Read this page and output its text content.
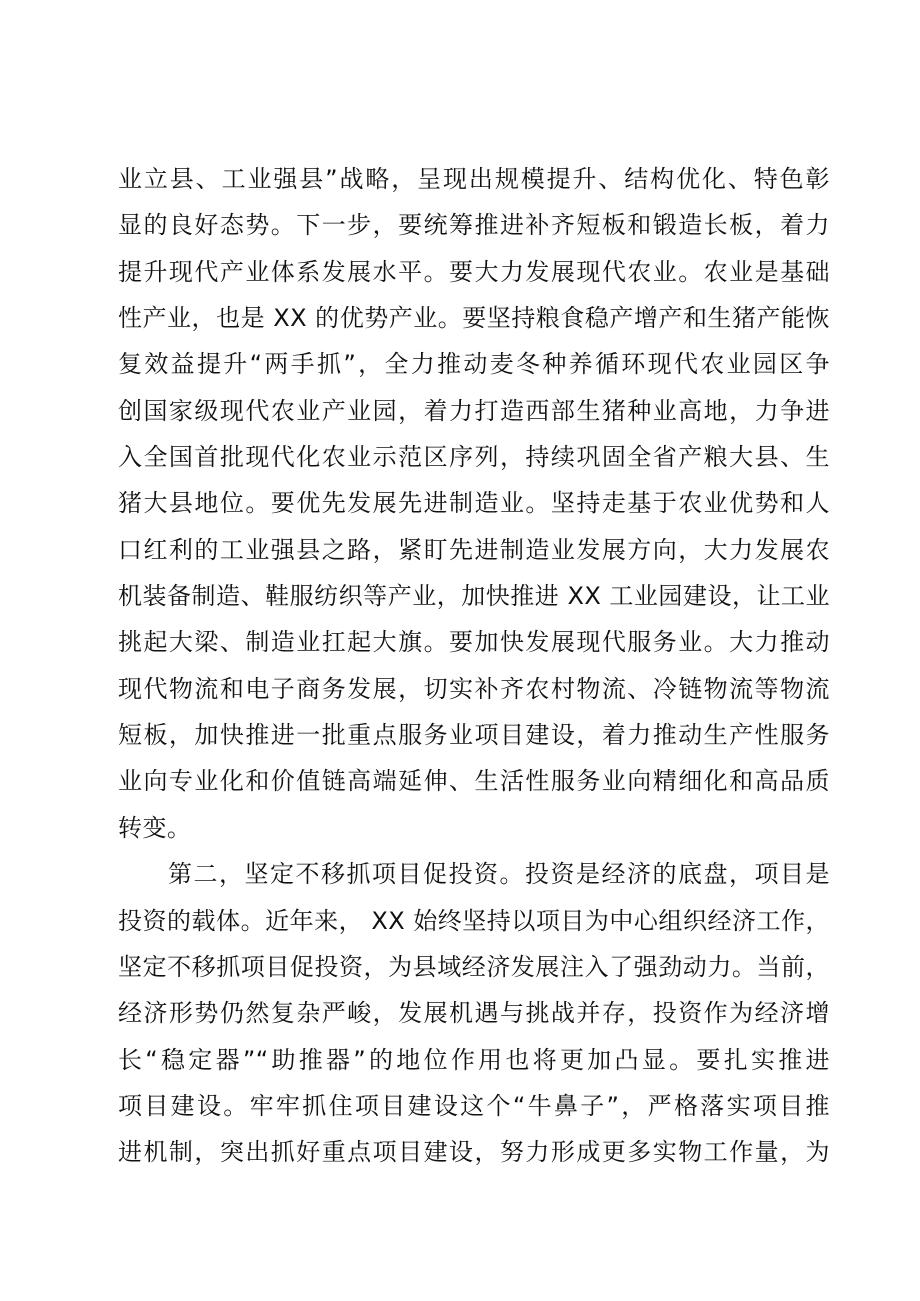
业立县、工业强县”战略，呈现出规模提升、结构优化、特色彰
显的良好态势。下一步，要统筹推进补齐短板和锻造长板，着力
提升现代产业体系发展水平。要大力发展现代农业。农业是基础
性产业，也是 XX 的优势产业。要坚持粮食稳产增产和生猪产能恢
复效益提升“两手抓”，全力推动麦冬种养循环现代农业园区争
创国家级现代农业产业园，着力打造西部生猪种业高地，力争进
入全国首批现代化农业示范区序列，持续巩固全省产粮大县、生
猪大县地位。要优先发展先进制造业。坚持走基于农业优势和人
口红利的工业强县之路，紧盯先进制造业发展方向，大力发展农
机装备制造、鞋服纺织等产业，加快推进 XX 工业园建设，让工业
挑起大梁、制造业扛起大旗。要加快发展现代服务业。大力推动
现代物流和电子商务发展，切实补齐农村物流、冷链物流等物流
短板，加快推进一批重点服务业项目建设，着力推动生产性服务
业向专业化和价值链高端延伸、生活性服务业向精细化和高品质
转变。
第二，坚定不移抓项目促投资。投资是经济的底盘，项目是
投资的载体。近年来， XX 始终坚持以项目为中心组织经济工作，
坚定不移抓项目促投资，为县域经济发展注入了强劲动力。当前，
经济形势仍然复杂严峻，发展机遇与挑战并存，投资作为经济增
长“稳定器”“助推器”的地位作用也将更加凸显。要扎实推进
项目建设。牢牢抓住项目建设这个“牛鼻子”，严格落实项目推
进机制，突出抓好重点项目建设，努力形成更多实物工作量，为
